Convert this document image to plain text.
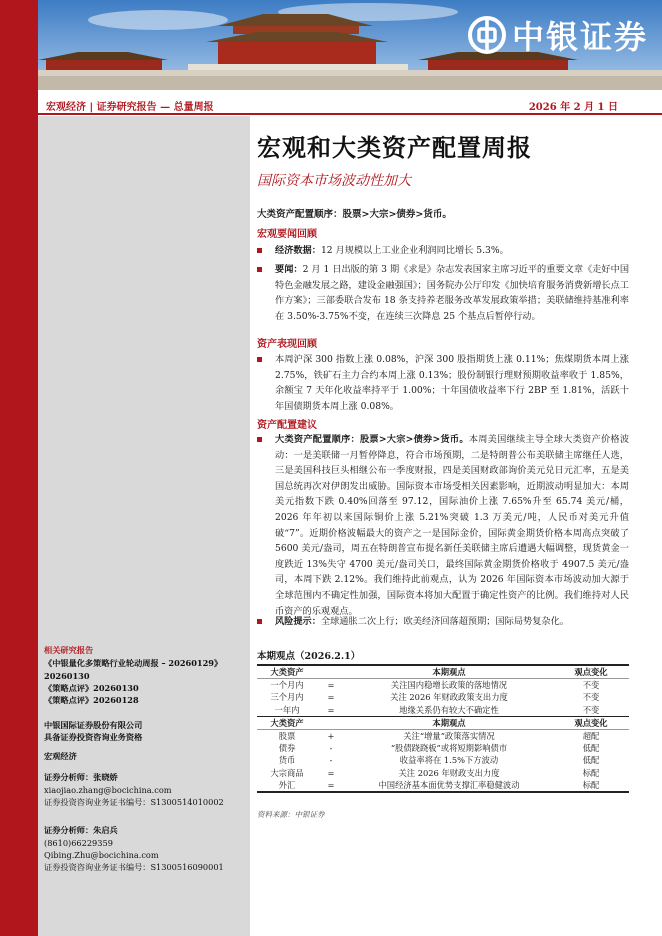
中银证券
宏观经济 | 证券研究报告 — 总量周报	2026 年 2 月 1 日
宏观和大类资产配置周报
国际资本市场波动性加大
大类资产配置顺序：股票>大宗>债券>货币。
宏观要闻回顾
经济数据：12 月规模以上工业企业利润同比增长 5.3%。
要闻：2 月 1 日出版的第 3 期《求是》杂志发表国家主席习近平的重要文章《走好中国特色金融发展之路，建设金融强国》；国务院办公厅印发《加快培育服务消费新增长点工作方案》；三部委联合发布 18 条支持养老服务改革发展政策举措；美联储维持基准利率在 3.50%-3.75%不变，在连续三次降息 25 个基点后暂停行动。
资产表现回顾
本周沪深 300 指数上涨 0.08%，沪深 300 股指期货上涨 0.11%；焦煤期货本周上涨 2.75%，铁矿石主力合约本周上涨 0.13%；股份制银行理财预期收益率收于 1.85%，余额宝 7 天年化收益率持平于 1.00%；十年国债收益率下行 2BP 至 1.81%，活跃十年国债期货本周上涨 0.08%。
资产配置建议
大类资产配置顺序：股票>大宗>债券>货币。本周美国继续主导全球大类资产价格波动：一是美联储一月暂停降息，符合市场预期，二是特朗普公布美联储主席继任人选，三是美国科技巨头相继公布一季度财报，四是美国财政部询价美元兑日元汇率，五是美国总统再次对伊朗发出威胁。国际资本市场受相关因素影响，近期波动明显加大：本周美元指数下跌 0.40%回落至 97.12，国际油价上涨 7.65%升至 65.74 美元/桶，2026 年年初以来国际铜价上涨 5.21%突破 1.3 万美元/吨，人民币对美元升值破“7”。近期价格波幅最大的资产之一是国际金价，国际黄金期货价格本周高点突破了 5600 美元/盎司，周五在特朗普宣布提名新任美联储主席后遭遇大幅调整，现货黄金一度跌近 13%失守 4700 美元/盎司关口，最终国际黄金期货价格收于 4907.5 美元/盎司，本周下跌 2.12%。我们维持此前观点，认为 2026 年国际资本市场波动加大源于全球范围内不确定性加强，国际资本将加大配置于确定性资产的比例。我们维持对人民币资产的乐观观点。
风险提示：全球通胀二次上行；欧美经济回落超预期；国际局势复杂化。
本期观点（2026.2.1）
大类资产		本期观点	观点变化
一个月内	=	关注国内稳增长政策的落地情况	不变
三个月内	=	关注 2026 年财政政策支出力度	不变
一年内	=	地缘关系仍有较大不确定性	不变
大类资产		本期观点	观点变化
股票	+	关注“增量”政策落实情况	超配
债券	-	“股债跷跷板”或将短期影响债市	低配
货币	-	收益率将在 1.5%下方波动	低配
大宗商品	=	关注 2026 年财政支出力度	标配
外汇	=	中国经济基本面优势支撑汇率稳健波动	标配
资料来源：中银证券
相关研究报告
《中银量化多策略行业轮动周报 – 20260129》20260130
《策略点评》20260130
《策略点评》20260128
中银国际证券股份有限公司
具备证券投资咨询业务资格
宏观经济
证券分析师：张晓娇
xiaojiao.zhang@bocichina.com
证券投资咨询业务证书编号：S1300514010002
证券分析师：朱启兵
(8610)66229359
Qibing.Zhu@bocichina.com
证券投资咨询业务证书编号：S1300516090001
